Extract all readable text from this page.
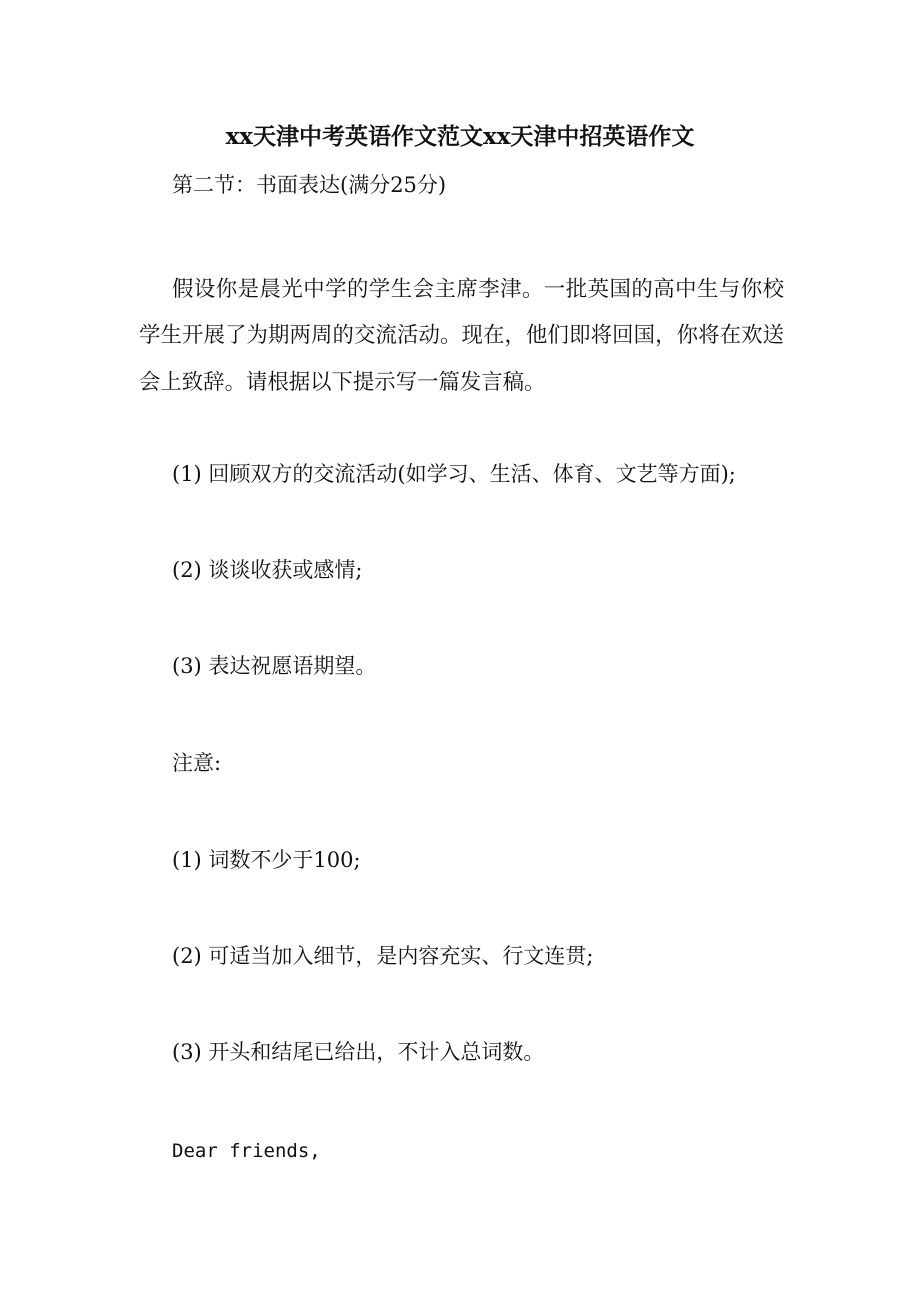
xx天津中考英语作文范文xx天津中招英语作文
第二节：书面表达(满分25分)
假设你是晨光中学的学生会主席李津。一批英国的高中生与你校学生开展了为期两周的交流活动。现在，他们即将回国，你将在欢送会上致辞。请根据以下提示写一篇发言稿。
(1) 回顾双方的交流活动(如学习、生活、体育、文艺等方面);
(2) 谈谈收获或感情;
(3) 表达祝愿语期望。
注意:
(1) 词数不少于100;
(2) 可适当加入细节，是内容充实、行文连贯;
(3) 开头和结尾已给出，不计入总词数。
Dear friends,
